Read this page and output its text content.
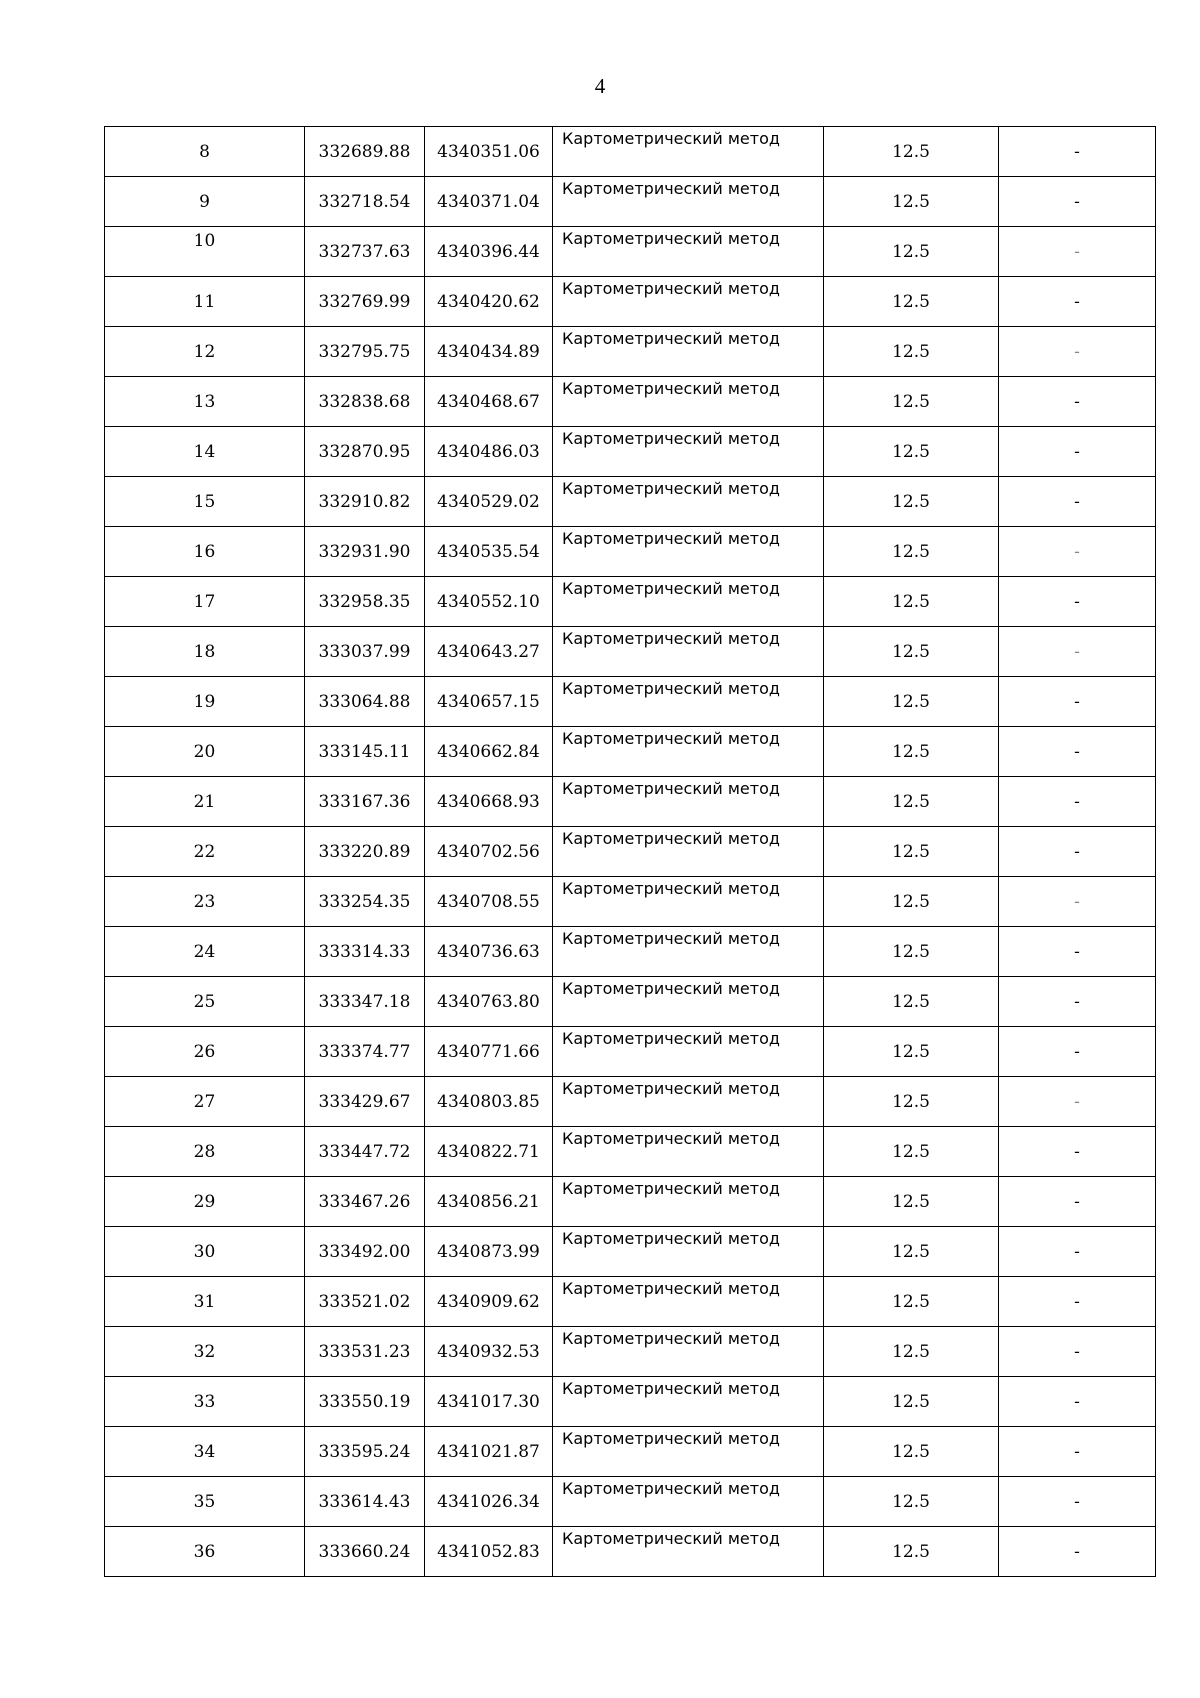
4
8	332689.88	4340351.06	Картометрический метод	12.5	-
9	332718.54	4340371.04	Картометрический метод	12.5	-
10	332737.63	4340396.44	Картометрический метод	12.5	-
11	332769.99	4340420.62	Картометрический метод	12.5	-
12	332795.75	4340434.89	Картометрический метод	12.5	-
13	332838.68	4340468.67	Картометрический метод	12.5	-
14	332870.95	4340486.03	Картометрический метод	12.5	-
15	332910.82	4340529.02	Картометрический метод	12.5	-
16	332931.90	4340535.54	Картометрический метод	12.5	-
17	332958.35	4340552.10	Картометрический метод	12.5	-
18	333037.99	4340643.27	Картометрический метод	12.5	-
19	333064.88	4340657.15	Картометрический метод	12.5	-
20	333145.11	4340662.84	Картометрический метод	12.5	-
21	333167.36	4340668.93	Картометрический метод	12.5	-
22	333220.89	4340702.56	Картометрический метод	12.5	-
23	333254.35	4340708.55	Картометрический метод	12.5	-
24	333314.33	4340736.63	Картометрический метод	12.5	-
25	333347.18	4340763.80	Картометрический метод	12.5	-
26	333374.77	4340771.66	Картометрический метод	12.5	-
27	333429.67	4340803.85	Картометрический метод	12.5	-
28	333447.72	4340822.71	Картометрический метод	12.5	-
29	333467.26	4340856.21	Картометрический метод	12.5	-
30	333492.00	4340873.99	Картометрический метод	12.5	-
31	333521.02	4340909.62	Картометрический метод	12.5	-
32	333531.23	4340932.53	Картометрический метод	12.5	-
33	333550.19	4341017.30	Картометрический метод	12.5	-
34	333595.24	4341021.87	Картометрический метод	12.5	-
35	333614.43	4341026.34	Картометрический метод	12.5	-
36	333660.24	4341052.83	Картометрический метод	12.5	-
